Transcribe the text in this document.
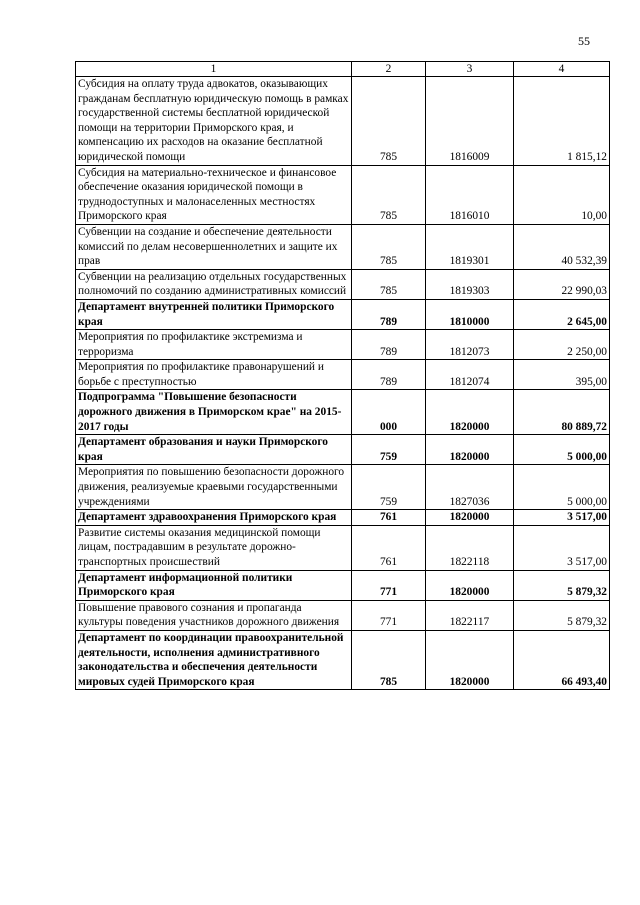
55
1	2	3	4
Субсидия на оплату труда адвокатов, оказывающих гражданам бесплатную юридическую помощь в рамках государственной системы бесплатной юридической помощи на территории Приморского края, и компенсацию их расходов на оказание бесплатной юридической помощи	785	1816009	1 815,12
Субсидия на материально-техническое и финансовое обеспечение оказания юридической помощи в труднодоступных и малонаселенных местностях Приморского края	785	1816010	10,00
Субвенции на создание и обеспечение деятельности комиссий по делам несовершеннолетних и защите их прав	785	1819301	40 532,39
Субвенции на реализацию отдельных государственных полномочий по созданию административных комиссий	785	1819303	22 990,03
Департамент внутренней политики Приморского края	789	1810000	2 645,00
Мероприятия по профилактике экстремизма и терроризма	789	1812073	2 250,00
Мероприятия по профилактике правонарушений и борьбе с преступностью	789	1812074	395,00
Подпрограмма "Повышение безопасности дорожного движения в Приморском крае" на 2015-2017 годы	000	1820000	80 889,72
Департамент образования и науки Приморского края	759	1820000	5 000,00
Мероприятия по повышению безопасности дорожного движения, реализуемые краевыми государственными учреждениями	759	1827036	5 000,00
Департамент здравоохранения Приморского края	761	1820000	3 517,00
Развитие системы оказания медицинской помощи лицам, пострадавшим в результате дорожно-транспортных происшествий	761	1822118	3 517,00
Департамент информационной политики Приморского края	771	1820000	5 879,32
Повышение правового сознания и пропаганда культуры поведения участников дорожного движения	771	1822117	5 879,32
Департамент по координации правоохранительной деятельности, исполнения административного законодательства и обеспечения деятельности мировых судей Приморского края	785	1820000	66 493,40
